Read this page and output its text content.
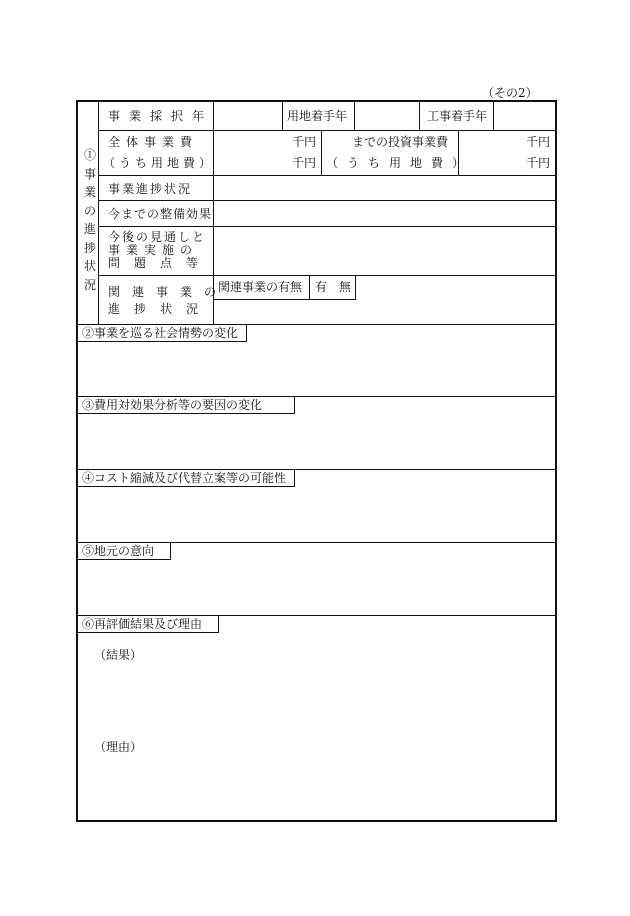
（その2）
①事業の進捗状況
事業採択年	用地着手年	工事着手年
全体事業費
（うち用地費）
千円
千円
までの投資事業費
（うち用地費）
千円
千円
事業進捗状況
今までの整備効果
今後の見通しと
事業実施の
問題点等
関連事業の
進捗状況
関連事業の有無 有　無
②事業を巡る社会情勢の変化
③費用対効果分析等の要因の変化
④コスト縮減及び代替立案等の可能性
⑤地元の意向
⑥再評価結果及び理由
（結果）
（理由）
